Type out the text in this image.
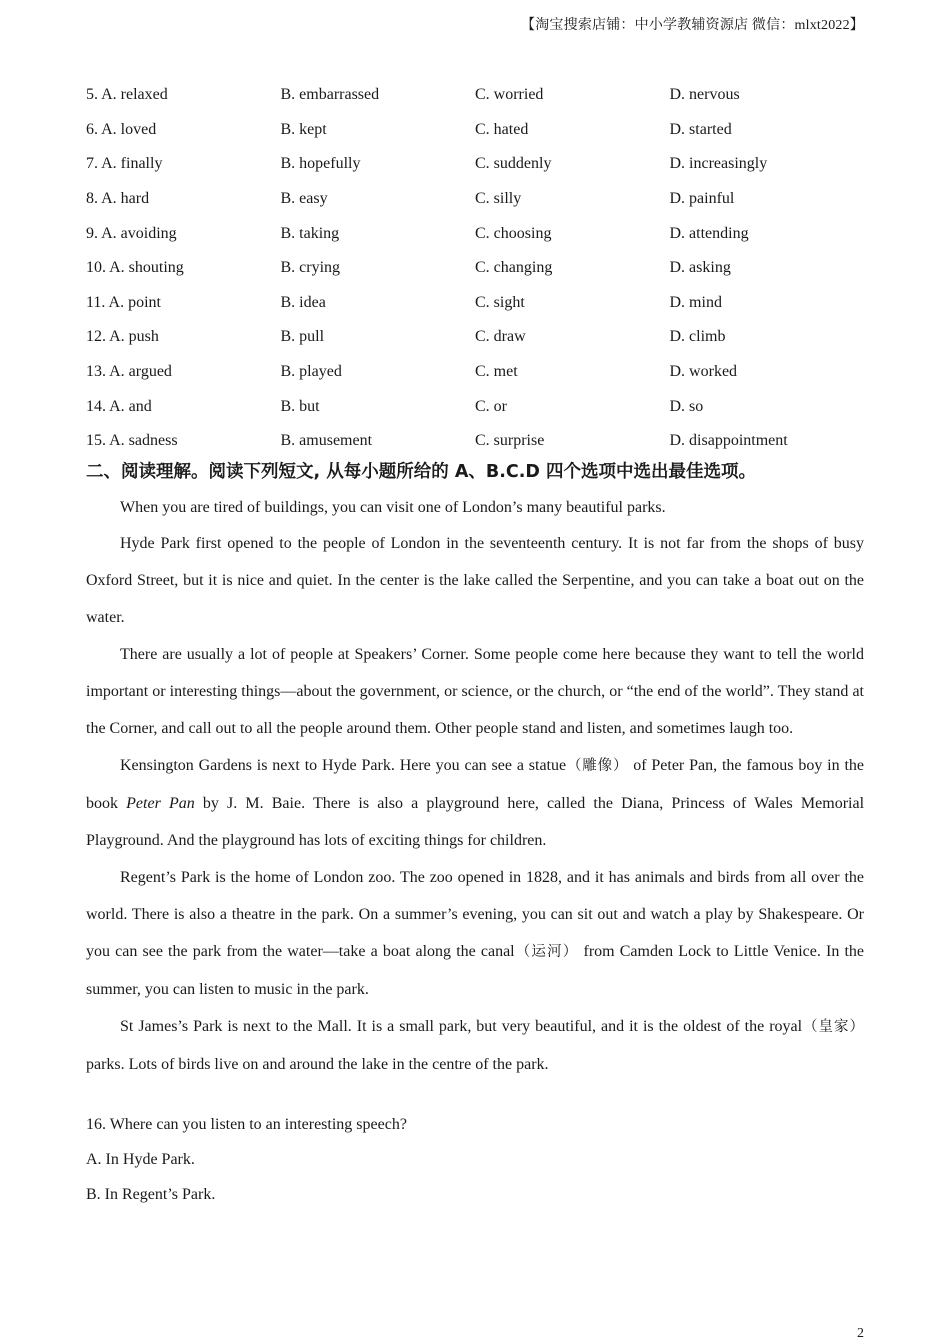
【淘宝搜索店铺：中小学教辅资源店 微信：mlxt2022】
5. A. relaxed	B. embarrassed	C. worried	D. nervous
6. A. loved	B. kept	C. hated	D. started
7. A. finally	B. hopefully	C. suddenly	D. increasingly
8. A. hard	B. easy	C. silly	D. painful
9. A. avoiding	B. taking	C. choosing	D. attending
10. A. shouting	B. crying	C. changing	D. asking
11. A. point	B. idea	C. sight	D. mind
12. A. push	B. pull	C. draw	D. climb
13. A. argued	B. played	C. met	D. worked
14. A. and	B. but	C. or	D. so
15. A. sadness	B. amusement	C. surprise	D. disappointment
二、阅读理解。阅读下列短文, 从每小题所给的 A、B.C.D 四个选项中选出最佳选项。

When you are tired of buildings, you can visit one of London’s many beautiful parks.

Hyde Park first opened to the people of London in the seventeenth century. It is not far from the shops of busy Oxford Street, but it is nice and quiet. In the center is the lake called the Serpentine, and you can take a boat out on the water.

There are usually a lot of people at Speakers’ Corner. Some people come here because they want to tell the world important or interesting things—about the government, or science, or the church, or “the end of the world”. They stand at the Corner, and call out to all the people around them. Other people stand and listen, and sometimes laugh too.

Kensington Gardens is next to Hyde Park. Here you can see a statue（雕像） of Peter Pan, the famous boy in the book Peter Pan by J. M. Baie. There is also a playground here, called the Diana, Princess of Wales Memorial Playground. And the playground has lots of exciting things for children.

Regent’s Park is the home of London zoo. The zoo opened in 1828, and it has animals and birds from all over the world. There is also a theatre in the park. On a summer’s evening, you can sit out and watch a play by Shakespeare. Or you can see the park from the water—take a boat along the canal（运河） from Camden Lock to Little Venice. In the summer, you can listen to music in the park.

St James’s Park is next to the Mall. It is a small park, but very beautiful, and it is the oldest of the royal（皇家）parks. Lots of birds live on and around the lake in the centre of the park.

16. Where can you listen to an interesting speech?
A. In Hyde Park.
B. In Regent’s Park.
2
